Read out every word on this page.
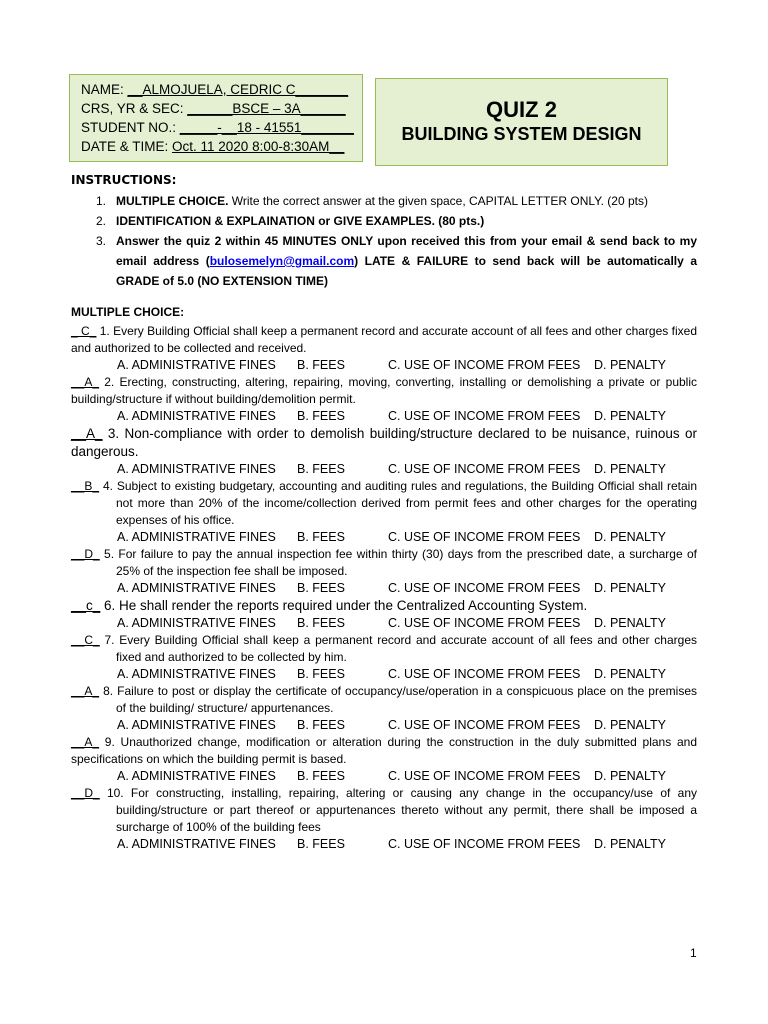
NAME: __ALMOJUELA, CEDRIC C_______
CRS, YR & SEC: ______BSCE – 3A______
STUDENT NO.: _____-__18 - 41551_______
DATE & TIME: Oct. 11 2020 8:00-8:30AM__
QUIZ 2
BUILDING SYSTEM DESIGN
INSTRUCTIONS:
1. MULTIPLE CHOICE. Write the correct answer at the given space, CAPITAL LETTER ONLY. (20 pts)

2. IDENTIFICATION & EXPLAINATION or GIVE EXAMPLES. (80 pts.)

3. Answer the quiz 2 within 45 MINUTES ONLY upon received this from your email & send back to my email address (bulosemelyn@gmail.com) LATE & FAILURE to send back will be automatically a GRADE of 5.0 (NO EXTENSION TIME)

MULTIPLE CHOICE:
_ C_ 1. Every Building Official shall keep a permanent record and accurate account of all fees and other charges fixed and authorized to be collected and received.
A. ADMINISTRATIVE FINES B. FEES	C. USE OF INCOME FROM FEES D. PENALTY
__A_ 2. Erecting, constructing, altering, repairing, moving, converting, installing or demolishing a private or public building/structure if without building/demolition permit.
A. ADMINISTRATIVE FINES B. FEES	C. USE OF INCOME FROM FEES D. PENALTY
__A_ 3. Non-compliance with order to demolish building/structure declared to be nuisance, ruinous or dangerous.
A. ADMINISTRATIVE FINES B. FEES	C. USE OF INCOME FROM FEES D. PENALTY
__B_ 4. Subject to existing budgetary, accounting and auditing rules and regulations, the Building Official shall retain not more than 20% of the income/collection derived from permit fees and other charges for the operating expenses of his office.
A. ADMINISTRATIVE FINES B. FEES	C. USE OF INCOME FROM FEES D. PENALTY
__D_ 5. For failure to pay the annual inspection fee within thirty (30) days from the prescribed date, a surcharge of 25% of the inspection fee shall be imposed.
A. ADMINISTRATIVE FINES B. FEES	C. USE OF INCOME FROM FEES D. PENALTY
__c_ 6. He shall render the reports required under the Centralized Accounting System.
A. ADMINISTRATIVE FINES B. FEES	C. USE OF INCOME FROM FEES D. PENALTY
__C_ 7. Every Building Official shall keep a permanent record and accurate account of all fees and other charges fixed and authorized to be collected by him.
A. ADMINISTRATIVE FINES B. FEES	C. USE OF INCOME FROM FEES D. PENALTY
__A_ 8. Failure to post or display the certificate of occupancy/use/operation in a conspicuous place on the premises of the building/ structure/ appurtenances.
A. ADMINISTRATIVE FINES B. FEES	C. USE OF INCOME FROM FEES D. PENALTY
__A_ 9. Unauthorized change, modification or alteration during the construction in the duly submitted plans and specifications on which the building permit is based.
A. ADMINISTRATIVE FINES B. FEES	C. USE OF INCOME FROM FEES D. PENALTY
__D_ 10. For constructing, installing, repairing, altering or causing any change in the occupancy/use of any building/structure or part thereof or appurtenances thereto without any permit, there shall be imposed a surcharge of 100% of the building fees
A. ADMINISTRATIVE FINES B. FEES	C. USE OF INCOME FROM FEES D. PENALTY
1
